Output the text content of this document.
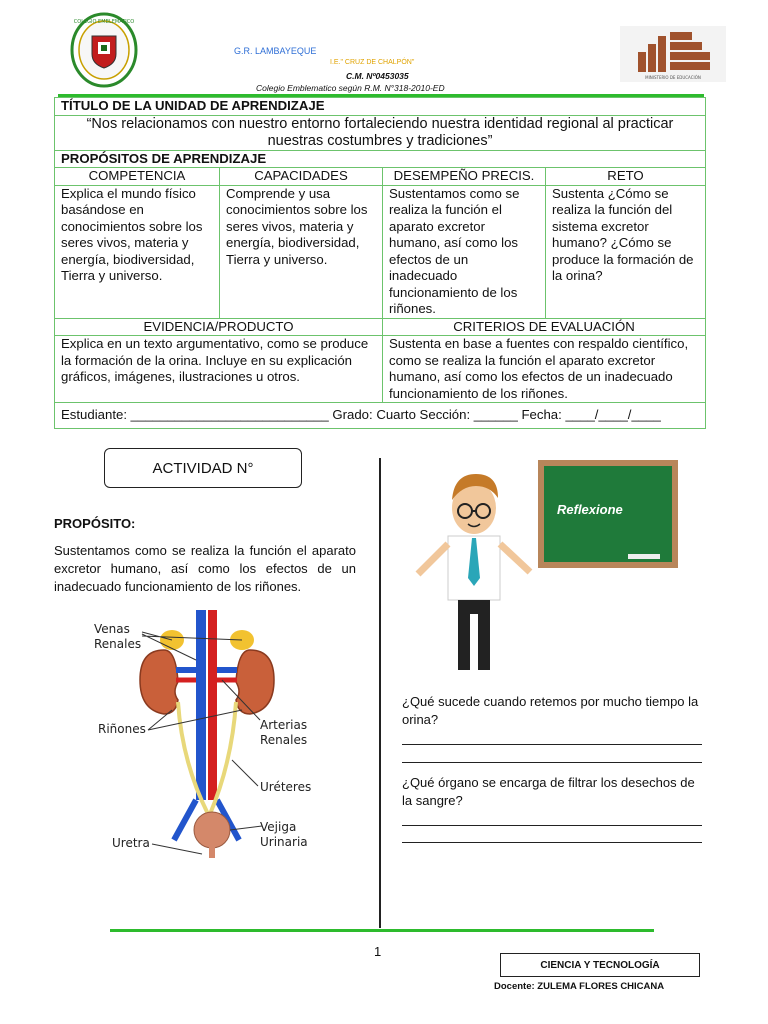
COLEGIO EMBLEMÁTICO
G.R. LAMBAYEQUE
I.E." CRUZ DE CHALPÓN"
C.M. Nº0453035
Colegio Emblematico según R.M. N°318-2010-ED
MINISTERIO DE EDUCACIÓN
TÍTULO DE LA UNIDAD DE APRENDIZAJE			
“Nos relacionamos con nuestro entorno fortaleciendo nuestra identidad regional al practicar nuestras costumbres y tradiciones”			
PROPÓSITOS DE APRENDIZAJE			
COMPETENCIA	CAPACIDADES	DESEMPEÑO PRECIS.	RETO
Explica el mundo físico basándose en conocimientos sobre los seres vivos, materia y energía, biodiversidad, Tierra y universo.	Comprende y usa conocimientos sobre los seres vivos, materia y energía, biodiversidad, Tierra y universo.	Sustentamos como se realiza la función el aparato excretor humano, así como los efectos de un inadecuado funcionamiento de los riñones.	Sustenta ¿Cómo se realiza la función del sistema excretor humano? ¿Cómo se produce la formación de la orina?
EVIDENCIA/PRODUCTO		CRITERIOS DE EVALUACIÓN	
Explica en un texto argumentativo, como se produce la formación de la orina. Incluye en su explicación gráficos, imágenes, ilustraciones u otros.		Sustenta en base a fuentes con respaldo científico, como se realiza la función el aparato excretor humano, así como los efectos de un inadecuado funcionamiento de los riñones.	
Estudiante: ___________________________ Grado: Cuarto Sección: ______ Fecha: ____/____/____			
ACTIVIDAD N°
PROPÓSITO:
Sustentamos como se realiza la función el aparato excretor humano, así como los efectos de un inadecuado funcionamiento de los riñones.
Venas
Renales
Riñones	Arterias
Renales
Uréteres
Vejiga
Urinaria
Uretra
Reflexione
¿Qué sucede cuando retemos por mucho tiempo la orina?
¿Qué órgano se encarga de filtrar los desechos de la sangre?
1
CIENCIA Y TECNOLOGÍA
Docente: ZULEMA FLORES CHICANA
